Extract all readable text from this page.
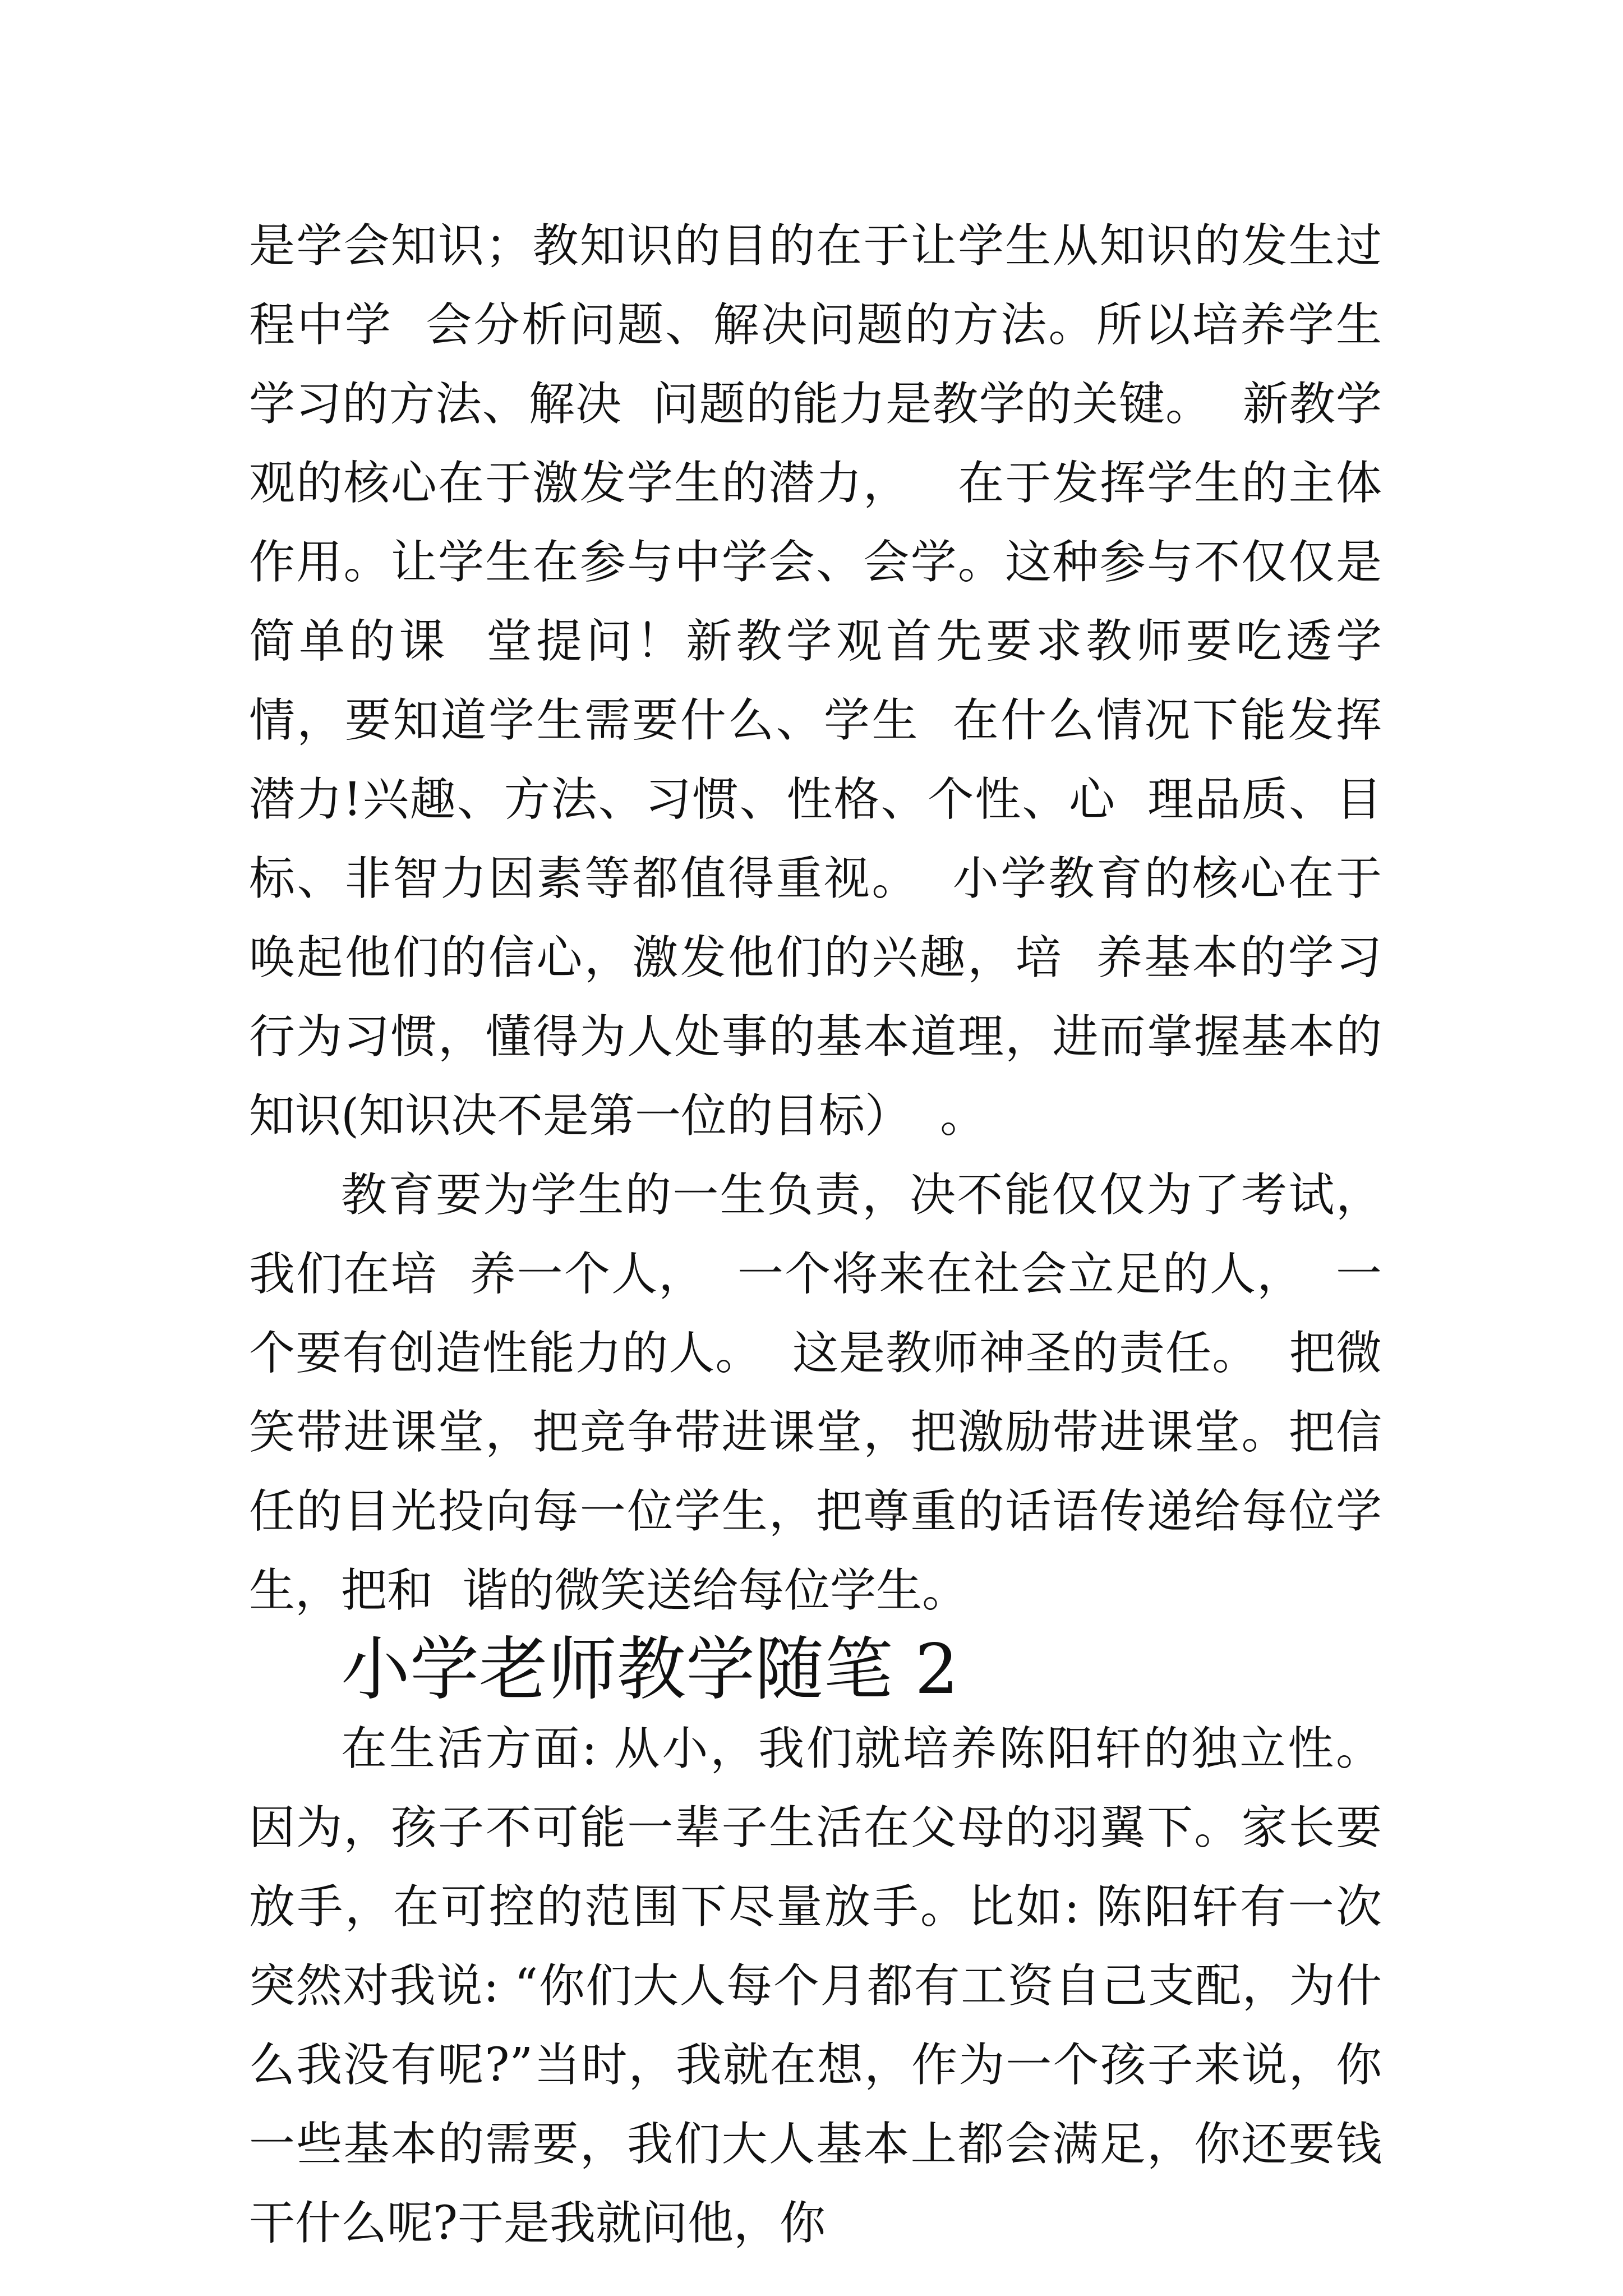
是学会知识；教知识的目的在于让学生从知识的发生过程中学  会分析问题、解决问题的方法。所以培养学生学习的方法、解决  问题的能力是教学的关键。  新教学观的核心在于激发学生的潜力，   在于发挥学生的主体  作用。让学生在参与中学会、会学。这种参与不仅仅是简单的课  堂提问！新教学观首先要求教师要吃透学情，要知道学生需要什么、学生  在什么情况下能发挥潜力!兴趣、方法、习惯、性格、个性、心  理品质、目标、非智力因素等都值得重视。  小学教育的核心在于唤起他们的信心，激发他们的兴趣，培  养基本的学习行为习惯，懂得为人处事的基本道理，进而掌握基本的知识(知识决不是第一位的目标）  。

教育要为学生的一生负责，决不能仅仅为了考试，我们在培  养一个人，  一个将来在社会立足的人，  一个要有创造性能力的人。  这是教师神圣的责任。  把微笑带进课堂，把竞争带进课堂，把激励带进课堂。把信  任的目光投向每一位学生，把尊重的话语传递给每位学生，把和  谐的微笑送给每位学生。

小学老师教学随笔 2

在生活方面: 从小，我们就培养陈阳轩的独立性。因为，孩子不可能一辈子生活在父母的羽翼下。家长要放手，在可控的范围下尽量放手。比如: 陈阳轩有一次突然对我说: “你们大人每个月都有工资自己支配，为什么我没有呢?”当时，我就在想，作为一个孩子来说，你一些基本的需要，我们大人基本上都会满足，你还要钱干什么呢?于是我就问他，你
